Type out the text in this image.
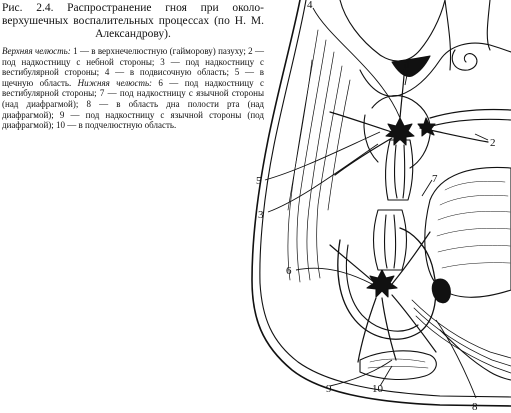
Рис. 2.4. Распространение гноя при около-верхушечных воспалительных процессах (по Н. М. Александрову).

Верхняя челюсть: 1 — в верхнечелюстную (гайморову) пазуху; 2 — под надкостницу с небной стороны; 3 — под надкостницу с вестибулярной стороны; 4 — в подвисочную область; 5 — в щечную область. Нижняя челюсть: 6 — под надкостницу с вестибулярной стороны; 7 — под надкостницу с язычной стороны (над диафрагмой); 8 — в область дна полости рта (над диафрагмой); 9 — под надкостницу с язычной стороны (под диафрагмой); 10 — в подчелюстную область.

4
1
2
5	7
3
6
9	10
8
